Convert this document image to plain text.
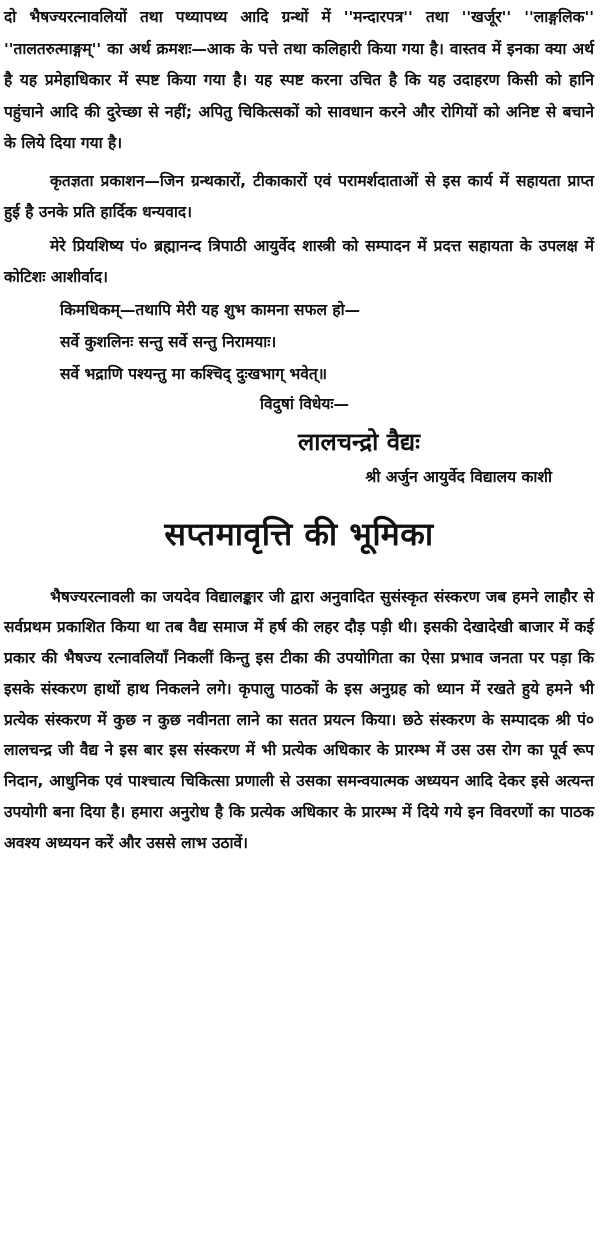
दो भैषज्यरत्नावलियों तथा पथ्यापथ्य आदि ग्रन्थों में ''मन्दारपत्र'' तथा ''खर्जूर'' ''लाङ्गलिक'' ''तालतरुत्माङ्गम्'' का अर्थ क्रमशः—आक के पत्ते तथा कलिहारी किया गया है। वास्तव में इनका क्या अर्थ है यह प्रमेहाधिकार में स्पष्ट किया गया है। यह स्पष्ट करना उचित है कि यह उदाहरण किसी को हानि पहुंचाने आदि की दुरेच्छा से नहीं; अपितु चिकित्सकों को सावधान करने और रोगियों को अनिष्ट से बचाने के लिये दिया गया है।

कृतज्ञता प्रकाशन—जिन ग्रन्थकारों, टीकाकारों एवं परामर्शदाताओं से इस कार्य में सहायता प्राप्त हुई है उनके प्रति हार्दिक धन्यवाद।

मेरे प्रियशिष्य पं० ब्रह्मानन्द त्रिपाठी आयुर्वेद शास्त्री को सम्पादन में प्रदत्त सहायता के उपलक्ष में कोटिशः आशीर्वाद।

किमधिकम्—तथापि मेरी यह शुभ कामना सफल हो—
सर्वे कुशलिनः सन्तु सर्वे सन्तु निरामयाः।
सर्वे भद्राणि पश्यन्तु मा कश्चिद् दुःखभाग् भवेत्॥
विदुषां विधेयः—
लालचन्द्रो वैद्यः
श्री अर्जुन आयुर्वेद विद्यालय काशी
सप्तमावृत्ति की भूमिका

भैषज्यरत्नावली का जयदेव विद्यालङ्कार जी द्वारा अनुवादित सुसंस्कृत संस्करण जब हमने लाहौर से सर्वप्रथम प्रकाशित किया था तब वैद्य समाज में हर्ष की लहर दौड़ पड़ी थी। इसकी देखादेखी बाजार में कई प्रकार की भैषज्य रत्नावलियाँ निकलीं किन्तु इस टीका की उपयोगिता का ऐसा प्रभाव जनता पर पड़ा कि इसके संस्करण हाथों हाथ निकलने लगे। कृपालु पाठकों के इस अनुग्रह को ध्यान में रखते हुये हमने भी प्रत्येक संस्करण में कुछ न कुछ नवीनता लाने का सतत प्रयत्न किया। छठे संस्करण के सम्पादक श्री पं० लालचन्द्र जी वैद्य ने इस बार इस संस्करण में भी प्रत्येक अधिकार के प्रारम्भ में उस उस रोग का पूर्व रूप निदान, आधुनिक एवं पाश्चात्य चिकित्सा प्रणाली से उसका समन्वयात्मक अध्ययन आदि देकर इसे अत्यन्त उपयोगी बना दिया है। हमारा अनुरोध है कि प्रत्येक अधिकार के प्रारम्भ में दिये गये इन विवरणों का पाठक अवश्य अध्ययन करें और उससे लाभ उठावें।
